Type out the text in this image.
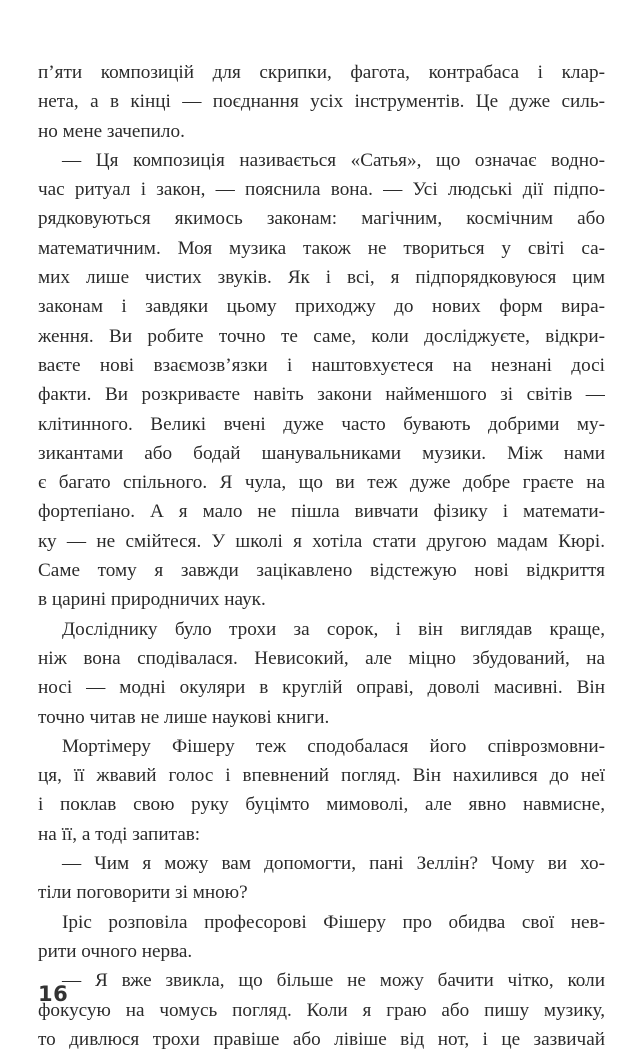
п’яти композицій для скрипки, фагота, контрабаса і клар-
нета, а в кінці — поєднання усіх інструментів. Це дуже силь-
но мене зачепило.
— Ця композиція називається «Сатья», що означає водно-
час ритуал і закон, — пояснила вона. — Усі людські дії підпо-
рядковуються якимось законам: магічним, космічним або
математичним. Моя музика також не твориться у світі са-
мих лише чистих звуків. Як і всі, я підпорядковуюся цим
законам і завдяки цьому приходжу до нових форм вира-
ження. Ви робите точно те саме, коли досліджуєте, відкри-
ваєте нові взаємозв’язки і наштовхуєтеся на незнані досі
факти. Ви розкриваєте навіть закони найменшого зі світів —
клітинного. Великі вчені дуже часто бувають добрими му-
зикантами або бодай шанувальниками музики. Між нами
є багато спільного. Я чула, що ви теж дуже добре граєте на
фортепіано. А я мало не пішла вивчати фізику і математи-
ку — не смійтеся. У школі я хотіла стати другою мадам Кюрі.
Саме тому я завжди зацікавлено відстежую нові відкриття
в царині природничих наук.
Досліднику було трохи за сорок, і він виглядав краще,
ніж вона сподівалася. Невисокий, але міцно збудований, на
носі — модні окуляри в круглій оправі, доволі масивні. Він
точно читав не лише наукові книги.
Мортімеру Фішеру теж сподобалася його співрозмовни-
ця, її жвавий голос і впевнений погляд. Він нахилився до неї
і поклав свою руку буцімто мимоволі, але явно навмисне,
на її, а тоді запитав:
— Чим я можу вам допомогти, пані Зеллін? Чому ви хо-
тіли поговорити зі мною?
Іріс розповіла професорові Фішеру про обидва свої нев-
рити очного нерва.
— Я вже звикла, що більше не можу бачити чітко, коли
фокусую на чомусь погляд. Коли я граю або пишу музику,
то дивлюся трохи правіше або лівіше від нот, і це зазвичай
16
